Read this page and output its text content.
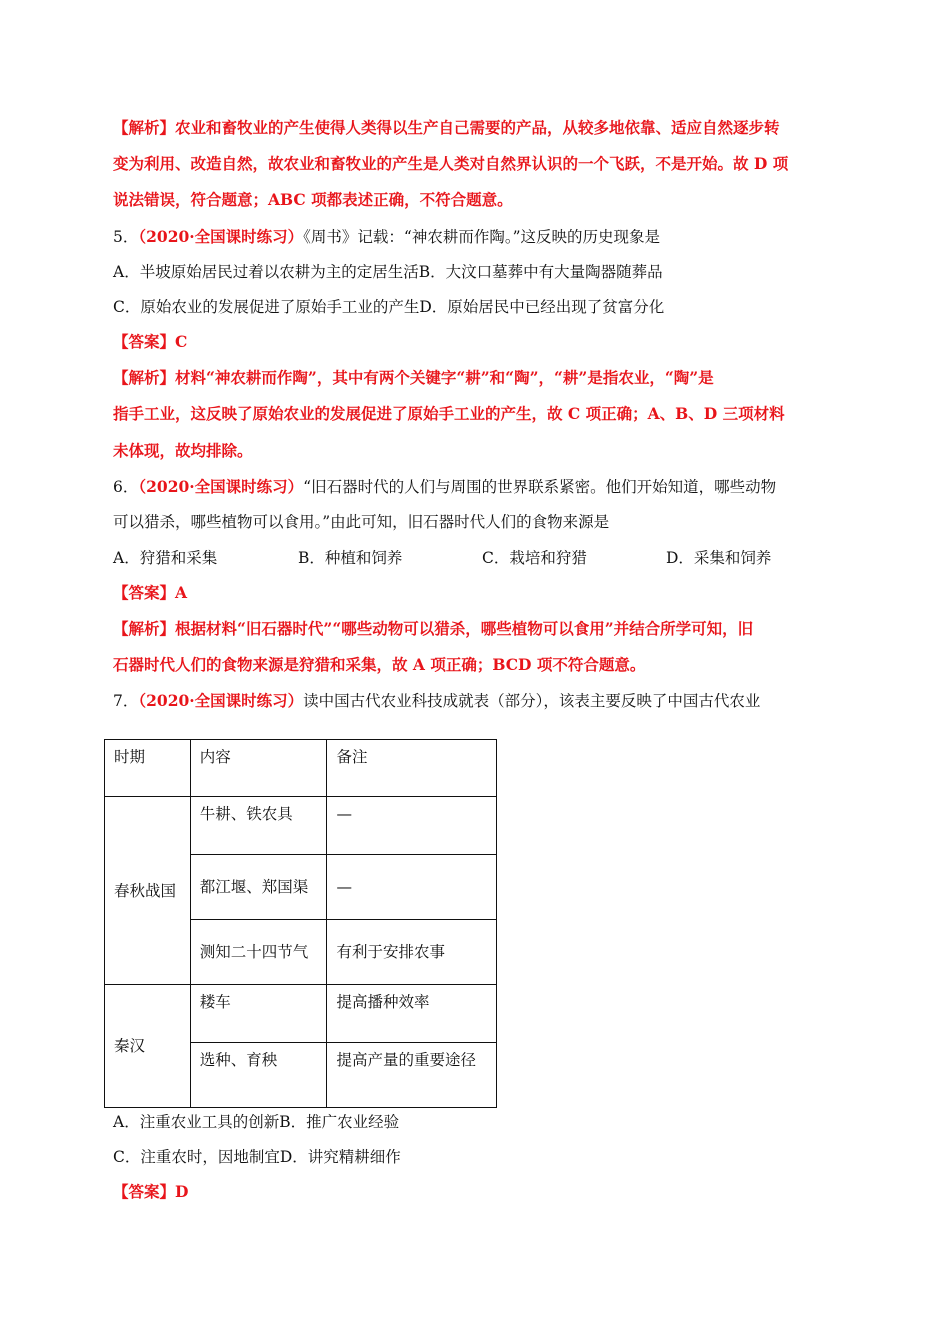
【解析】农业和畜牧业的产生使得人类得以生产自己需要的产品，从较多地依靠、适应自然逐步转
变为利用、改造自然，故农业和畜牧业的产生是人类对自然界认识的一个飞跃，不是开始。故 D 项
说法错误，符合题意；ABC 项都表述正确，不符合题意。
5．（2020·全国课时练习）《周书》记载：“神农耕而作陶。”这反映的历史现象是
A．半坡原始居民过着以农耕为主的定居生活B．大汶口墓葬中有大量陶器随葬品
C．原始农业的发展促进了原始手工业的产生D．原始居民中已经出现了贫富分化
【答案】C
【解析】材料“神农耕而作陶”，其中有两个关键字“耕”和“陶”，“耕”是指农业，“陶”是
指手工业，这反映了原始农业的发展促进了原始手工业的产生，故 C 项正确；A、B、D 三项材料
未体现，故均排除。
6．（2020·全国课时练习）“旧石器时代的人们与周围的世界联系紧密。他们开始知道，哪些动物
可以猎杀，哪些植物可以食用。”由此可知，旧石器时代人们的食物来源是
A．狩猎和采集	B．种植和饲养	C．栽培和狩猎	D．采集和饲养
【答案】A
【解析】根据材料“旧石器时代”“哪些动物可以猎杀，哪些植物可以食用”并结合所学可知，旧
石器时代人们的食物来源是狩猎和采集，故 A 项正确；BCD 项不符合题意。
7．（2020·全国课时练习）读中国古代农业科技成就表（部分），该表主要反映了中国古代农业
时期	内容	备注
春秋战国	牛耕、铁农具	—
	都江堰、郑国渠	—
	测知二十四节气	有利于安排农事
秦汉	耧车	提高播种效率
	选种、育秧	提高产量的重要途径
A．注重农业工具的创新B．推广农业经验
C．注重农时，因地制宜D．讲究精耕细作
【答案】D
